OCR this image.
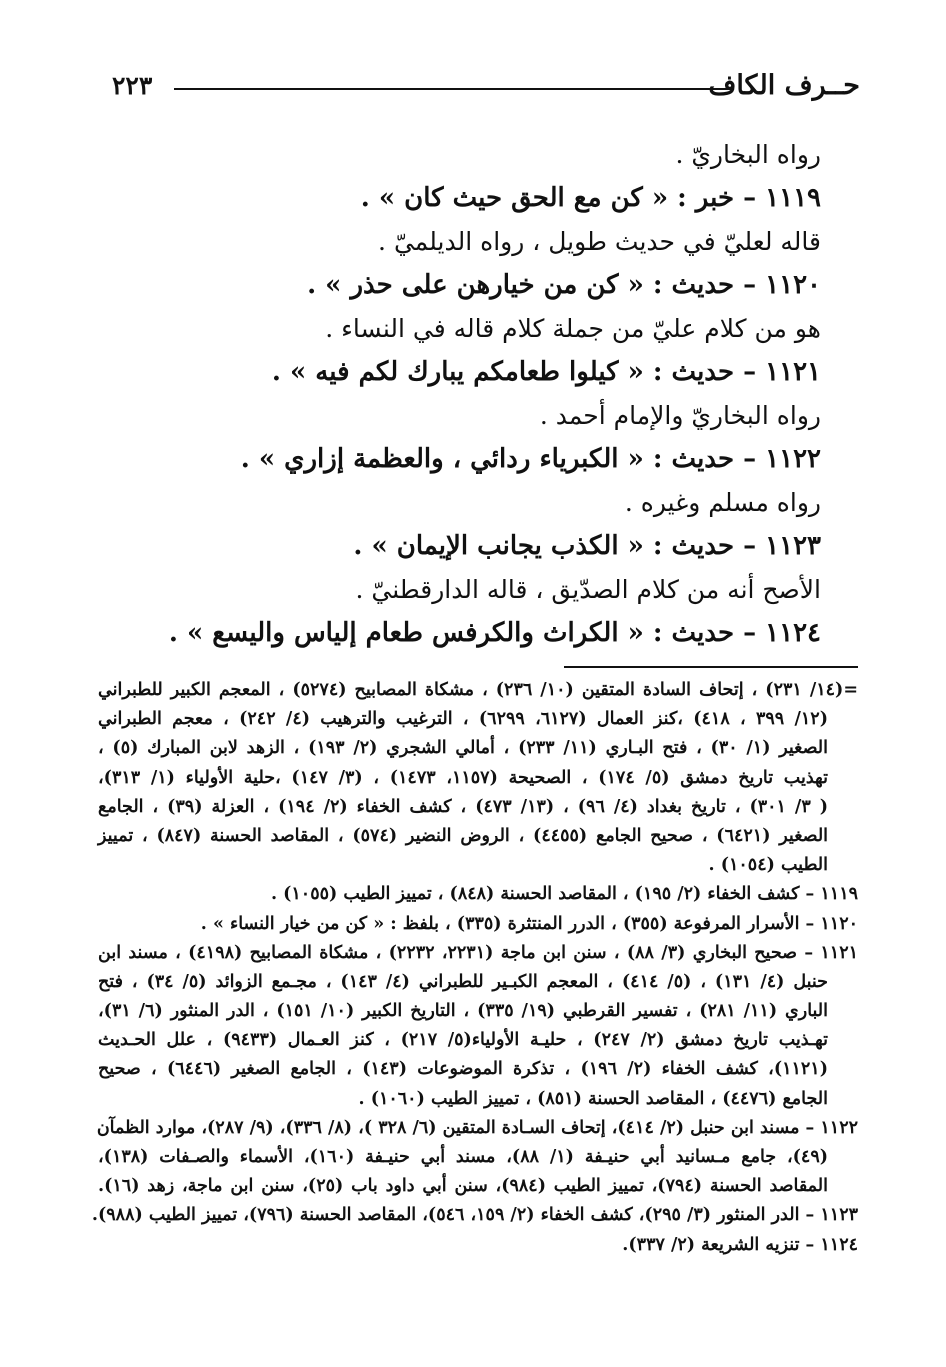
حــرف الكاف
٢٢٣
رواه البخاريّ .
١١١٩ – خبر : « كن مع الحق حيث كان » .
قاله لعليّ في حديث طويل ، رواه الديلميّ .
١١٢٠ – حديث : « كن من خيارهن على حذر » .
هو من كلام عليّ من جملة كلام قاله في النساء .
١١٢١ – حديث : « كيلوا طعامكم يبارك لكم فيه » .
رواه البخاريّ والإمام أحمد .
١١٢٢ – حديث : « الكبرياء ردائي ، والعظمة إزاري » .
رواه مسلم وغيره .
١١٢٣ – حديث : « الكذب يجانب الإيمان » .
الأصح أنه من كلام الصدّيق ، قاله الدارقطنيّ .
١١٢٤ – حديث : « الكراث والكرفس طعام إلياس واليسع » .
=(١٤/ ٢٣١) ، إتحاف السادة المتقين (١٠/ ٢٣٦) ، مشكاة المصابيح (٥٢٧٤) ، المعجم الكبير للطبراني
(١٢/ ٣٩٩ ، ٤١٨) ،كنز العمال (٦١٢٧، ٦٢٩٩) ، الترغيب والترهيب (٤/ ٢٤٢) ، معجم الطبراني
الصغير (١/ ٣٠) ، فتح البـاري (١١/ ٢٣٣) ، أمالي الشجري (٢/ ١٩٣) ، الزهد لابن المبارك (٥) ،
تهذيب تاريخ دمشق (٥/ ١٧٤) ، الصحيحة (١١٥٧، ١٤٧٣) ، (٣/ ١٤٧) ،حلية الأولياء (١/ ٣١٣)،
( ٣/ ٣٠١) ، تاريخ بغداد (٤/ ٩٦) ، (١٣/ ٤٧٣) ، كشف الخفاء (٢/ ١٩٤) ، العزلة (٣٩) ، الجامع
الصغير (٦٤٢١) ، صحيح الجامع (٤٤٥٥) ، الروض النضير (٥٧٤) ، المقاصد الحسنة (٨٤٧) ، تمييز
الطيب (١٠٥٤) .
١١١٩ – كشف الخفاء (٢/ ١٩٥) ، المقاصد الحسنة (٨٤٨) ، تمييز الطيب (١٠٥٥) .
١١٢٠ – الأسرار المرفوعة (٣٥٥) ، الدرر المنتثرة (٣٣٥) ، بلفظ : « كن من خيار النساء » .
١١٢١ – صحيح البخاري (٣/ ٨٨) ، سنن ابن ماجة (٢٢٣١، ٢٢٣٢) ، مشكاة المصابيح (٤١٩٨) ، مسند ابن
حنبل (٤/ ١٣١) ، (٥/ ٤١٤) ، المعجم الكبـير للطبراني (٤/ ١٤٣) ، مجـمع الزوائد (٥/ ٣٤) ، فتح
الباري (١١/ ٢٨١) ، تفسير القرطبي (١٩/ ٣٣٥) ، التاريخ الكبير (١٠/ ١٥١) ، الدر المنثور (٦/ ٣١)،
تهـذيب تاريخ دمشق (٢/ ٢٤٧) ، حليـة الأولياء(٥/ ٢١٧) ، كنز العـمال (٩٤٣٣) ، علل الحـديث
(١١٢١)، كشف الخفاء (٢/ ١٩٦) ، تذكرة الموضوعات (١٤٣) ، الجامع الصغير (٦٤٤٦) ، صحيح
الجامع (٤٤٧٦) ، المقاصد الحسنة (٨٥١) ، تمييز الطيب (١٠٦٠) .
١١٢٢ – مسند ابن حنبل (٢/ ٤١٤)، إتحاف السـادة المتقين (٦/ ٣٢٨ )، (٨/ ٣٣٦)، (٩/ ٢٨٧)، موارد الظمآن
(٤٩)، جامع مـسانيد أبي حنيـفة (١/ ٨٨)، مسند أبي حنيـفة (١٦٠)، الأسماء والصـفات (١٣٨)،
المقاصد الحسنة (٧٩٤)، تمييز الطيب (٩٨٤)، سنن أبي داود باب (٢٥)، سنن ابن ماجة، زهد (١٦).
١١٢٣ – الدر المنثور (٣/ ٢٩٥)، كشف الخفاء (٢/ ١٥٩، ٥٤٦)، المقاصد الحسنة (٧٩٦)، تمييز الطيب (٩٨٨).
١١٢٤ – تنزيه الشريعة (٢/ ٣٣٧).
